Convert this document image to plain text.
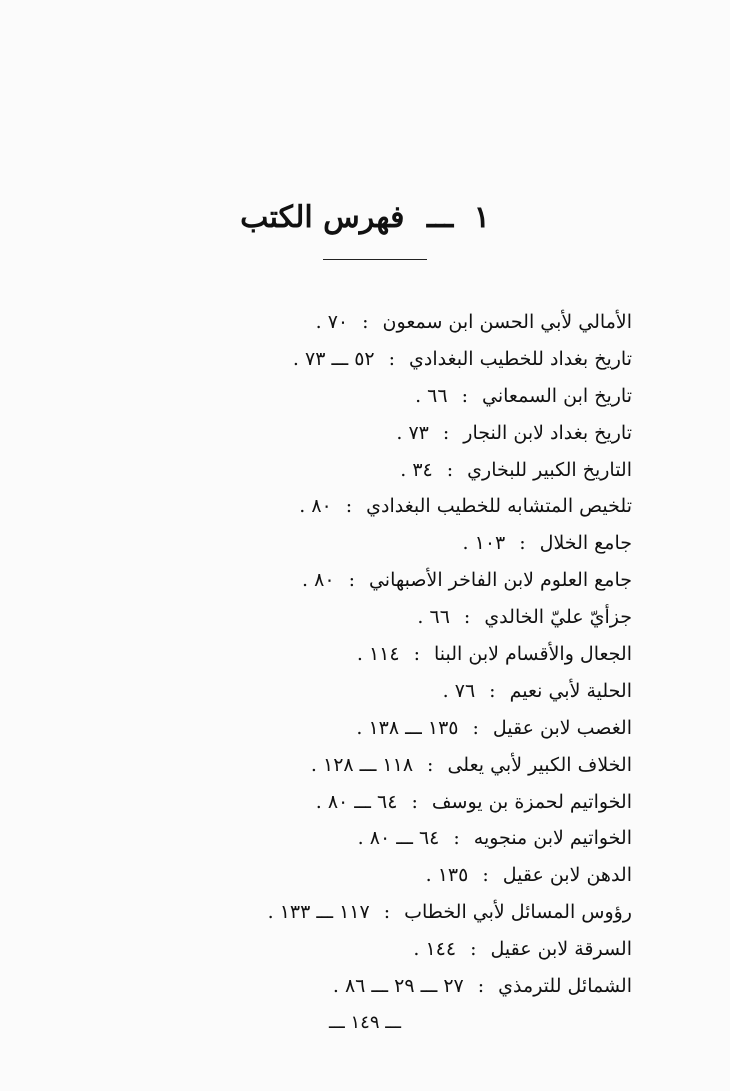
١ ـــ فهرس الكتب
الأمالي لأبي الحسن ابن سمعون:٧٠ .
تاريخ بغداد للخطيب البغدادي:٥٢ ـــ ٧٣ .
تاريخ ابن السمعاني:٦٦ .
تاريخ بغداد لابن النجار:٧٣ .
التاريخ الكبير للبخاري:٣٤ .
تلخيص المتشابه للخطيب البغدادي:٨٠ .
جامع الخلال:١٠٣ .
جامع العلوم لابن الفاخر الأصبهاني:٨٠ .
جزأيّ عليّ الخالدي:٦٦ .
الجعال والأقسام لابن البنا:١١٤ .
الحلية لأبي نعيم:٧٦ .
الغصب لابن عقيل:١٣٥ ـــ ١٣٨ .
الخلاف الكبير لأبي يعلى:١١٨ ـــ ١٢٨ .
الخواتيم لحمزة بن يوسف:٦٤ ـــ ٨٠ .
الخواتيم لابن منجويه:٦٤ ـــ ٨٠ .
الدهن لابن عقيل:١٣٥ .
رؤوس المسائل لأبي الخطاب:١١٧ ـــ ١٣٣ .
السرقة لابن عقيل:١٤٤ .
الشمائل للترمذي:٢٧ ـــ ٢٩ ـــ ٨٦ .
ـــ ١٤٩ ـــ
